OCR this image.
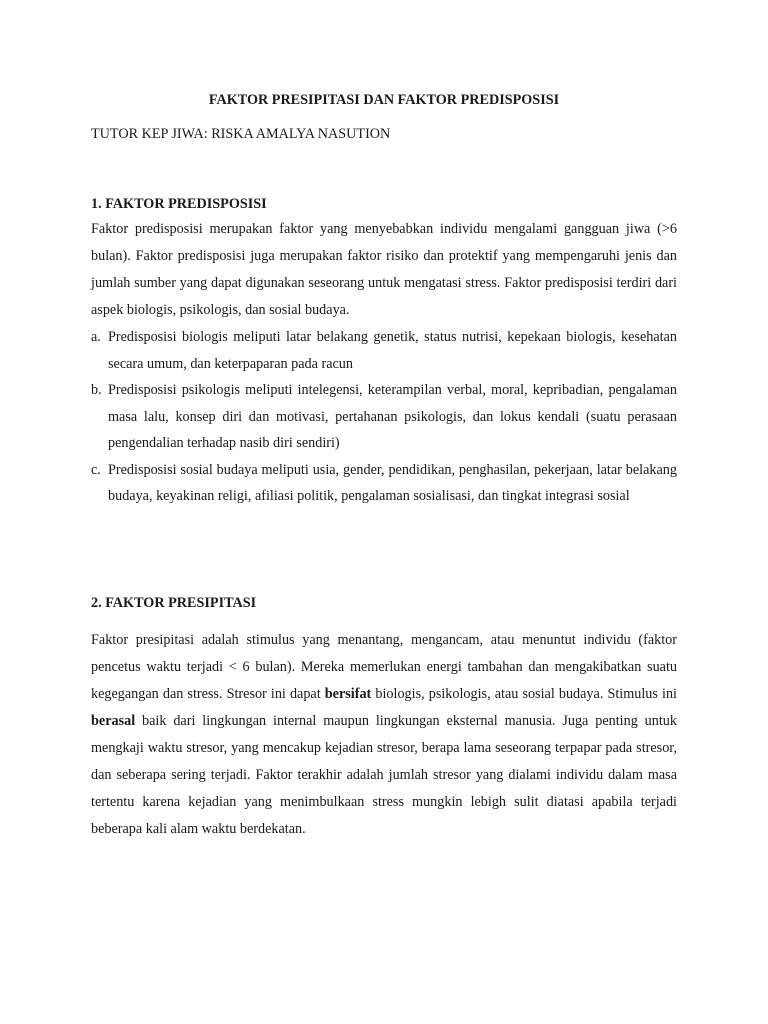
FAKTOR PRESIPITASI DAN FAKTOR PREDISPOSISI
TUTOR KEP JIWA: RISKA AMALYA NASUTION
1. FAKTOR PREDISPOSISI
Faktor predisposisi merupakan faktor yang menyebabkan individu mengalami gangguan jiwa (>6 bulan). Faktor predisposisi juga merupakan faktor risiko dan protektif yang mempengaruhi jenis dan jumlah sumber yang dapat digunakan seseorang untuk mengatasi stress. Faktor predisposisi terdiri dari aspek biologis, psikologis, dan sosial budaya.
a. Predisposisi biologis meliputi latar belakang genetik, status nutrisi, kepekaan biologis, kesehatan secara umum, dan keterpaparan pada racun
b. Predisposisi psikologis meliputi intelegensi, keterampilan verbal, moral, kepribadian, pengalaman masa lalu, konsep diri dan motivasi, pertahanan psikologis, dan lokus kendali (suatu perasaan pengendalian terhadap nasib diri sendiri)
c. Predisposisi sosial budaya meliputi usia, gender, pendidikan, penghasilan, pekerjaan, latar belakang budaya, keyakinan religi, afiliasi politik, pengalaman sosialisasi, dan tingkat integrasi sosial
2. FAKTOR PRESIPITASI
Faktor presipitasi adalah stimulus yang menantang, mengancam, atau menuntut individu (faktor pencetus waktu terjadi < 6 bulan). Mereka memerlukan energi tambahan dan mengakibatkan suatu kegegangan dan stress. Stresor ini dapat bersifat biologis, psikologis, atau sosial budaya. Stimulus ini berasal baik dari lingkungan internal maupun lingkungan eksternal manusia. Juga penting untuk mengkaji waktu stresor, yang mencakup kejadian stresor, berapa lama seseorang terpapar pada stresor, dan seberapa sering terjadi. Faktor terakhir adalah jumlah stresor yang dialami individu dalam masa tertentu karena kejadian yang menimbulkaan stress mungkin lebigh sulit diatasi apabila terjadi beberapa kali alam waktu berdekatan.
